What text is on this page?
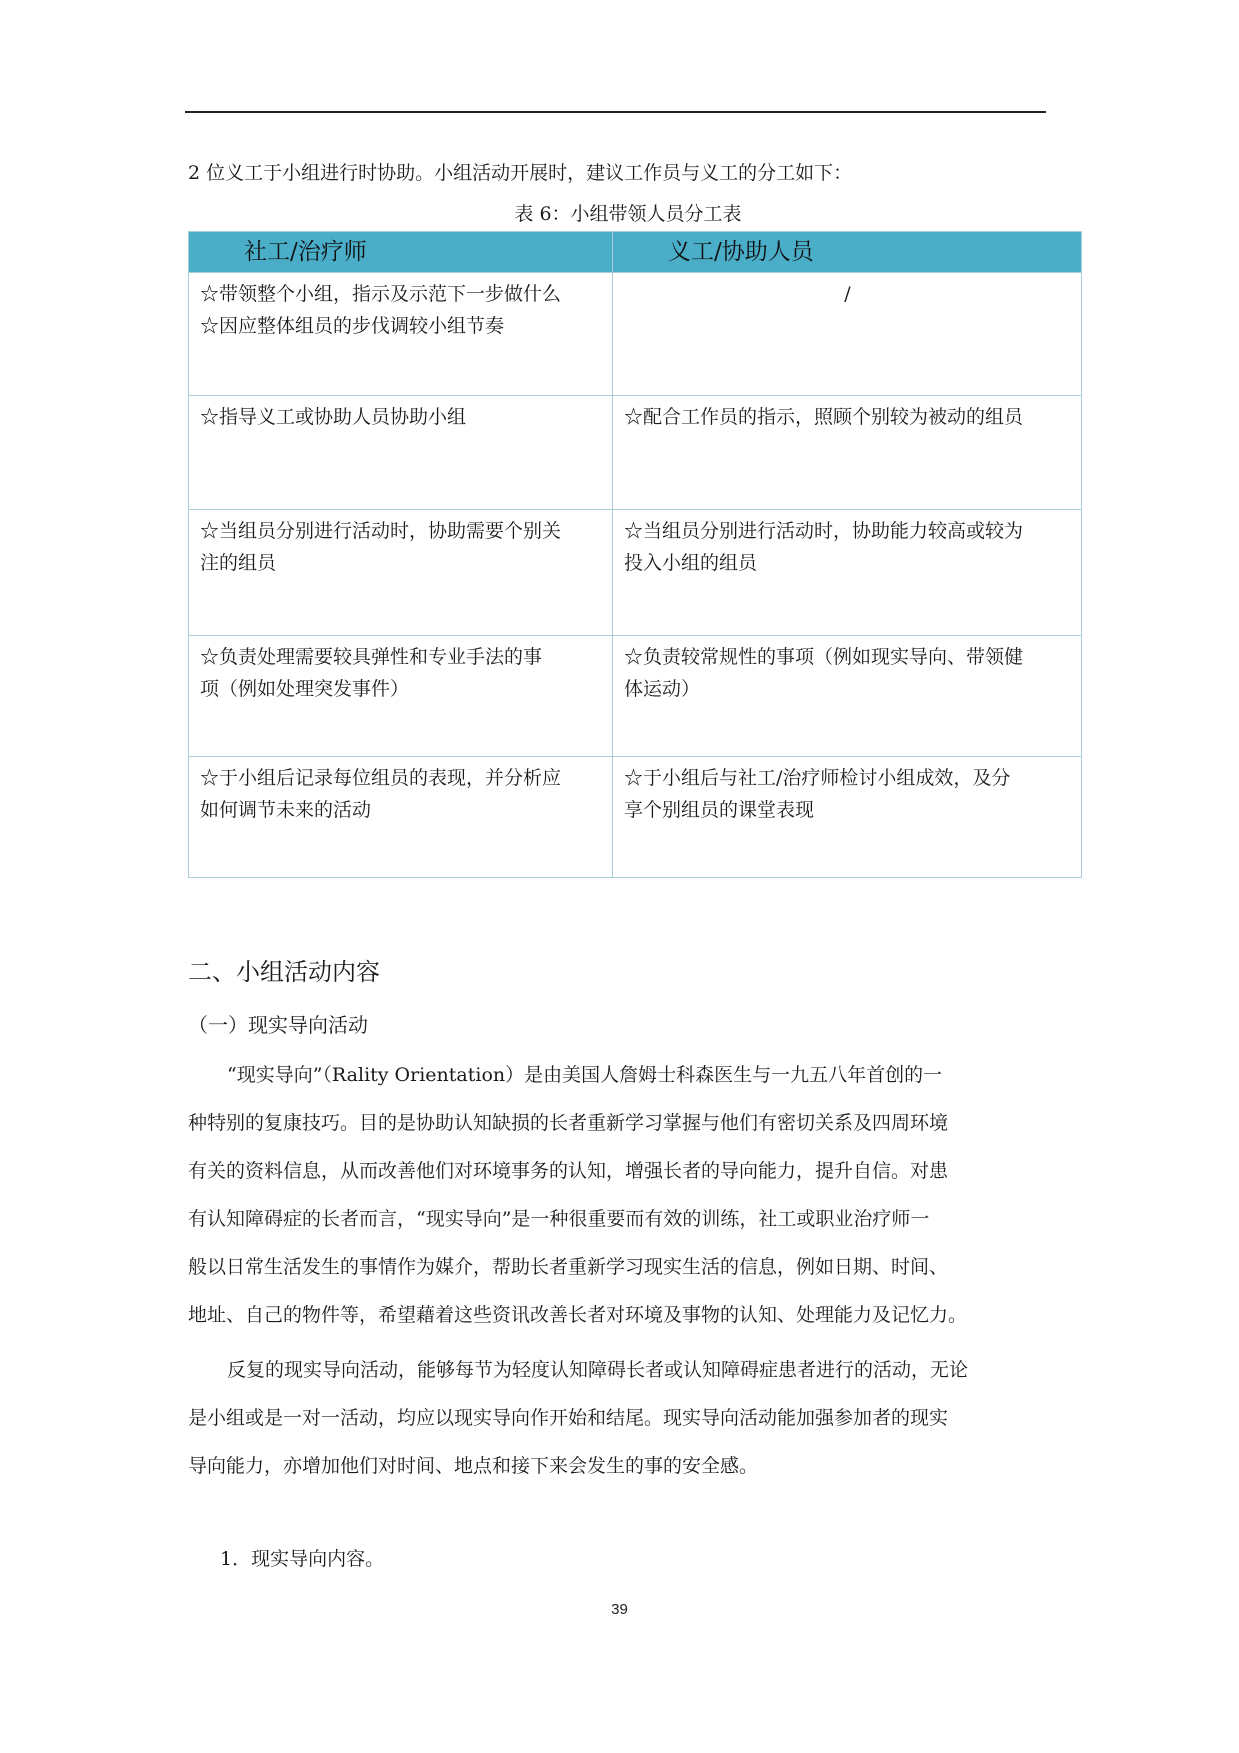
2 位义工于小组进行时协助。小组活动开展时，建议工作员与义工的分工如下：
表 6：小组带领人员分工表
社工/治疗师	义工/协助人员

☆带领整个小组，指示及示范下一步做什么
☆因应整体组员的步伐调较小组节奏	/

☆指导义工或协助人员协助小组	☆配合工作员的指示，照顾个别较为被动的组员

☆当组员分别进行活动时，协助需要个别关
注的组员	☆当组员分别进行活动时，协助能力较高或较为
投入小组的组员

☆负责处理需要较具弹性和专业手法的事
项（例如处理突发事件）	☆负责较常规性的事项（例如现实导向、带领健
体运动）

☆于小组后记录每位组员的表现，并分析应
如何调节未来的活动	☆于小组后与社工/治疗师检讨小组成效，及分
享个别组员的课堂表现
二、小组活动内容
（一）现实导向活动
“现实导向”（Rality Orientation）是由美国人詹姆士科森医生与一九五八年首创的一
种特别的复康技巧。目的是协助认知缺损的长者重新学习掌握与他们有密切关系及四周环境
有关的资料信息，从而改善他们对环境事务的认知，增强长者的导向能力，提升自信。对患
有认知障碍症的长者而言，“现实导向”是一种很重要而有效的训练，社工或职业治疗师一
般以日常生活发生的事情作为媒介，帮助长者重新学习现实生活的信息，例如日期、时间、
地址、自己的物件等，希望藉着这些资讯改善长者对环境及事物的认知、处理能力及记忆力。
反复的现实导向活动，能够每节为轻度认知障碍长者或认知障碍症患者进行的活动，无论
是小组或是一对一活动，均应以现实导向作开始和结尾。现实导向活动能加强参加者的现实
导向能力，亦增加他们对时间、地点和接下来会发生的事的安全感。
1．现实导向内容。
39
